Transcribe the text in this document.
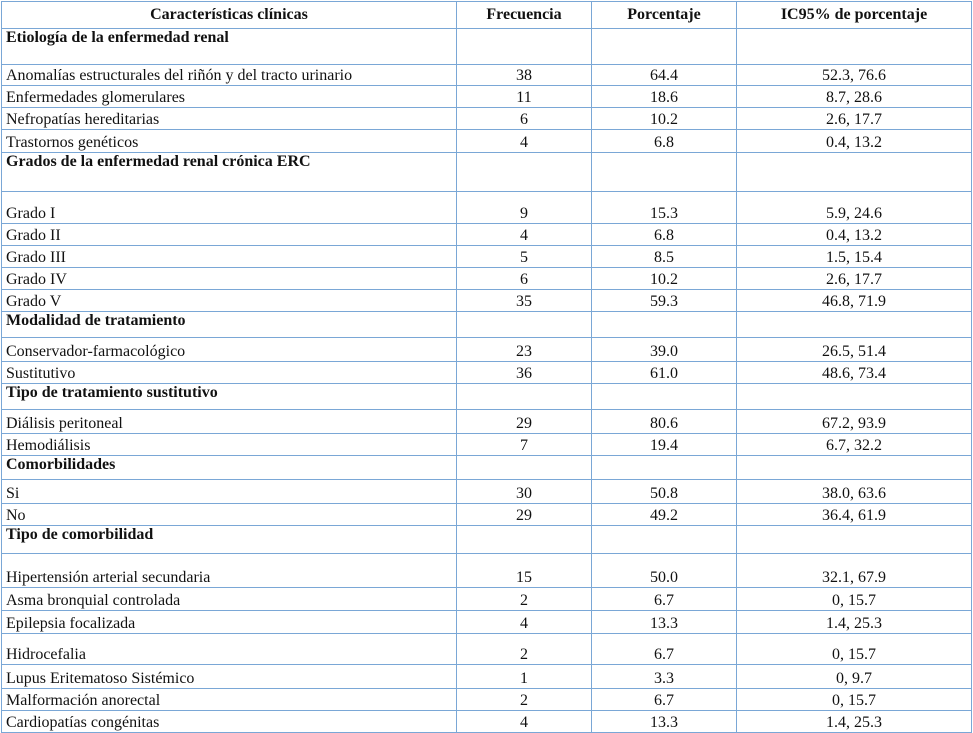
Características clínicas	Frecuencia	Porcentaje	IC95% de porcentaje
Etiología de la enfermedad renal			
Anomalías estructurales del riñón y del tracto urinario	38	64.4	52.3, 76.6
Enfermedades glomerulares	11	18.6	8.7, 28.6
Nefropatías hereditarias	6	10.2	2.6, 17.7
Trastornos genéticos	4	6.8	0.4, 13.2
Grados de la enfermedad renal crónica ERC			
Grado I	9	15.3	5.9, 24.6
Grado II	4	6.8	0.4, 13.2
Grado III	5	8.5	1.5, 15.4
Grado IV	6	10.2	2.6, 17.7
Grado V	35	59.3	46.8, 71.9
Modalidad de tratamiento			
Conservador-farmacológico	23	39.0	26.5, 51.4
Sustitutivo	36	61.0	48.6, 73.4
Tipo de tratamiento sustitutivo			
Diálisis peritoneal	29	80.6	67.2, 93.9
Hemodiálisis	7	19.4	6.7, 32.2
Comorbilidades			
Si	30	50.8	38.0, 63.6
No	29	49.2	36.4, 61.9
Tipo de comorbilidad			
Hipertensión arterial secundaria	15	50.0	32.1, 67.9
Asma bronquial controlada	2	6.7	0, 15.7
Epilepsia focalizada	4	13.3	1.4, 25.3
Hidrocefalia	2	6.7	0, 15.7
Lupus Eritematoso Sistémico	1	3.3	0, 9.7
Malformación anorectal	2	6.7	0, 15.7
Cardiopatías congénitas	4	13.3	1.4, 25.3
